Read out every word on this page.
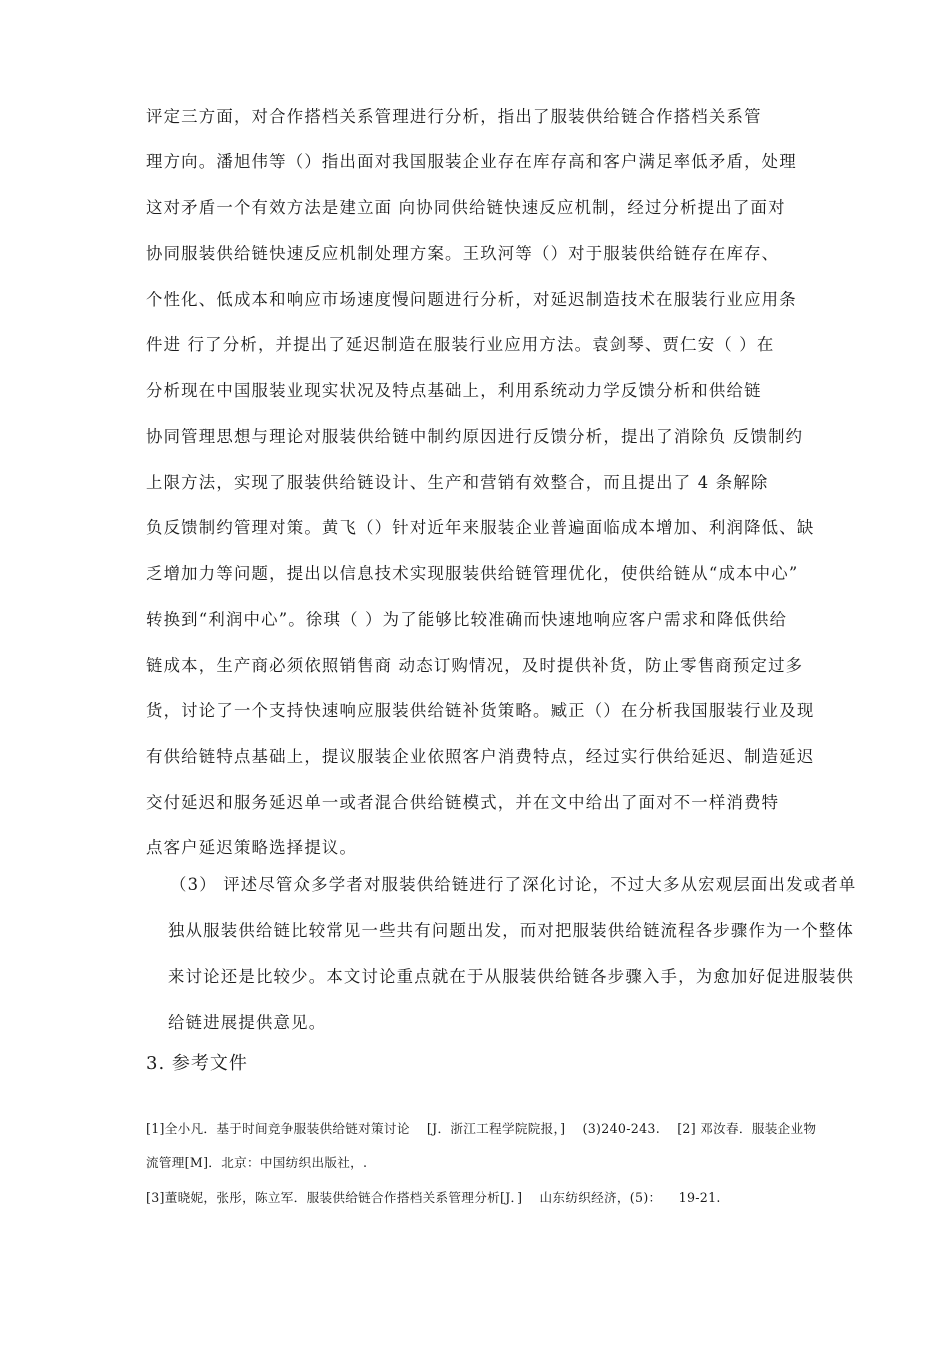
评定三方面，对合作搭档关系管理进行分析，指出了服装供给链合作搭档关系管
理方向。潘旭伟等（）指出面对我国服装企业存在库存高和客户满足率低矛盾，处理
这对矛盾一个有效方法是建立面 向协同供给链快速反应机制，经过分析提出了面对
协同服装供给链快速反应机制处理方案。王玖河等（）对于服装供给链存在库存、
个性化、低成本和响应市场速度慢问题进行分析，对延迟制造技术在服装行业应用条
件进 行了分析，并提出了延迟制造在服装行业应用方法。袁剑琴、贾仁安（ ）在
分析现在中国服装业现实状况及特点基础上，利用系统动力学反馈分析和供给链
协同管理思想与理论对服装供给链中制约原因进行反馈分析，提出了消除负 反馈制约
上限方法，实现了服装供给链设计、生产和营销有效整合，而且提出了 4 条解除
负反馈制约管理对策。黄飞（）针对近年来服装企业普遍面临成本增加、利润降低、缺
乏增加力等问题，提出以信息技术实现服装供给链管理优化，使供给链从“成本中心”
转换到“利润中心”。徐琪（ ）为了能够比较准确而快速地响应客户需求和降低供给
链成本，生产商必须依照销售商 动态订购情况，及时提供补货，防止零售商预定过多
货，讨论了一个支持快速响应服装供给链补货策略。臧正（）在分析我国服装行业及现
有供给链特点基础上，提议服装企业依照客户消费特点，经过实行供给延迟、制造延迟
交付延迟和服务延迟单一或者混合供给链模式，并在文中给出了面对不一样消费特
点客户延迟策略选择提议。
（3） 评述尽管众多学者对服装供给链进行了深化讨论，不过大多从宏观层面出发或者单
独从服装供给链比较常见一些共有问题出发，而对把服装供给链流程各步骤作为一个整体
来讨论还是比较少。本文讨论重点就在于从服装供给链各步骤入手，为愈加好促进服装供
给链进展提供意见。
3. 参考文件
[1]全小凡．基于时间竞争服装供给链对策讨论 　[J．浙江工程学院院报，] 　(3)240-243. 　[2] 邓汝春．服装企业物
流管理[M]．北京：中国纺织出版社，.
[3]董晓妮，张彤，陈立军．服装供给链合作搭档关系管理分析[J．] 　山东纺织经济，(5)： 　19-21.
